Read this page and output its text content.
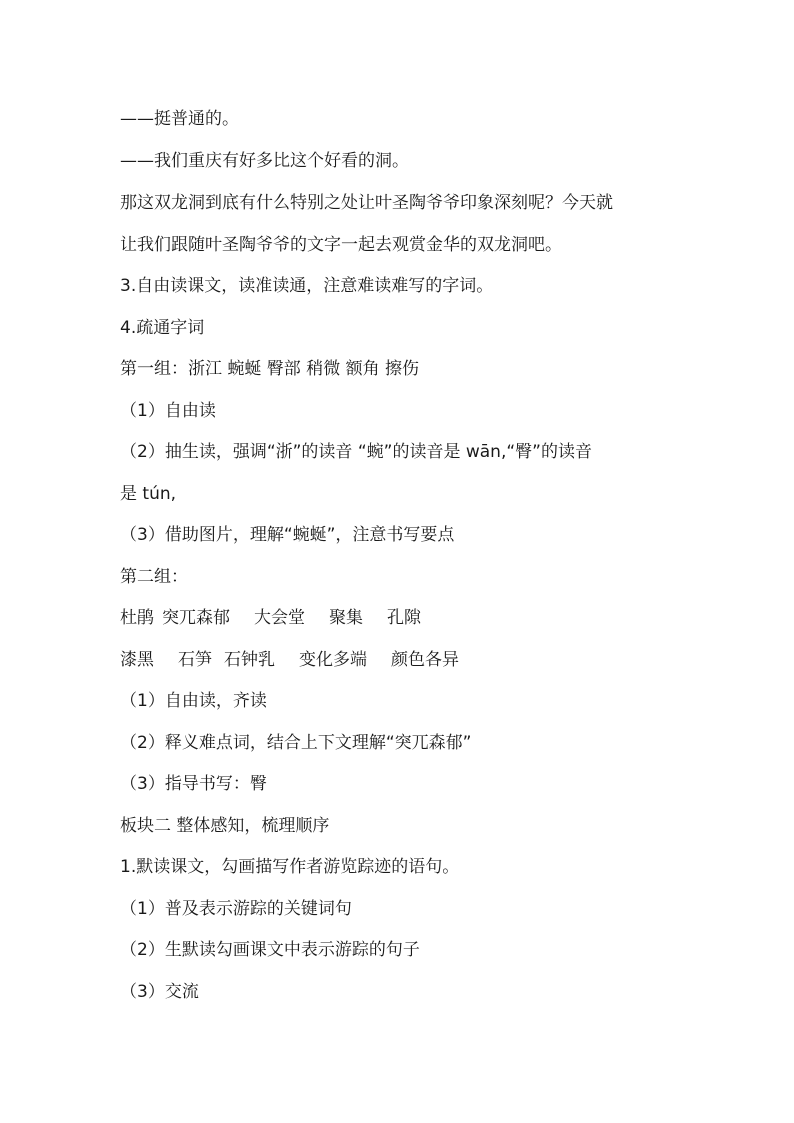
——挺普通的。

——我们重庆有好多比这个好看的洞。

那这双龙洞到底有什么特别之处让叶圣陶爷爷印象深刻呢？今天就

让我们跟随叶圣陶爷爷的文字一起去观赏金华的双龙洞吧。

3.自由读课文，读准读通，注意难读难写的字词。

4.疏通字词

第一组：浙江 蜿蜒 臀部 稍微 额角 擦伤

（1）自由读

（2）抽生读，强调“浙”的读音 “蜿”的读音是 wān,“臀”的读音

是 tún,

（3）借助图片，理解“蜿蜒”，注意书写要点

第二组：

杜鹃 突兀森郁 大会堂 聚集 孔隙

漆黑 石笋 石钟乳 变化多端 颜色各异

（1）自由读，齐读

（2）释义难点词，结合上下文理解“突兀森郁”

（3）指导书写：臀

板块二 整体感知，梳理顺序

1.默读课文，勾画描写作者游览踪迹的语句。

（1）普及表示游踪的关键词句

（2）生默读勾画课文中表示游踪的句子

（3）交流
